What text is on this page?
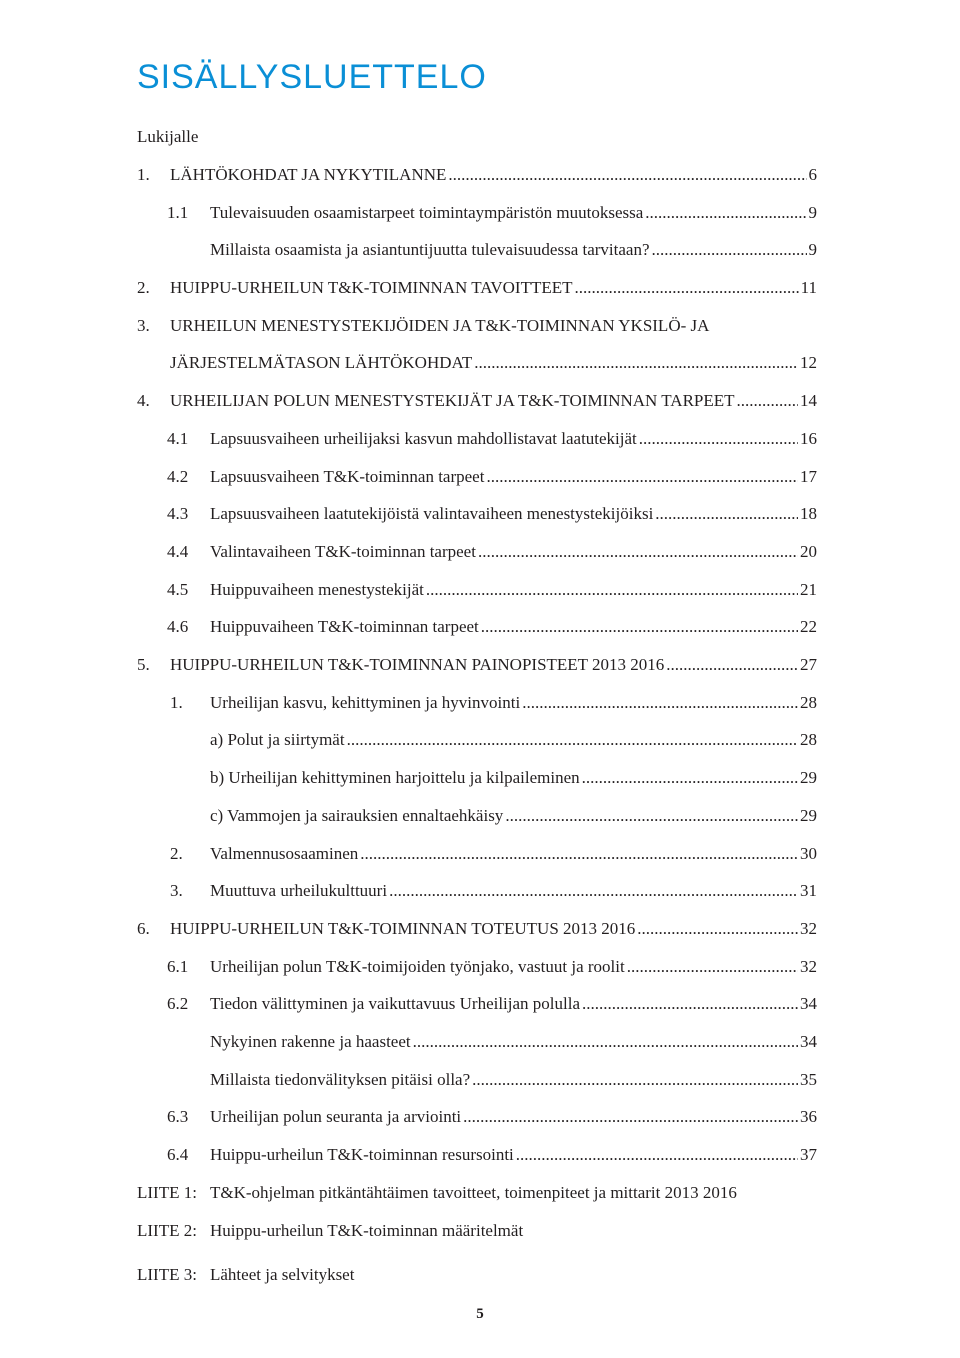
SISÄLLYSLUETTELO
Lukijalle
1.	LÄHTÖKOHDAT JA NYKYTILANNE .....	6
1.1	Tulevaisuuden osaamistarpeet toimintaympäristön muutoksessa .....	9
Millaista osaamista ja asiantuntijuutta tulevaisuudessa tarvitaan? .....	9
2.	HUIPPU-URHEILUN T&K-TOIMINNAN TAVOITTEET .....	11
3.	URHEILUN MENESTYSTEKIJÖIDEN JA T&K-TOIMINNAN YKSILÖ- JA
JÄRJESTELMÄTASON LÄHTÖKOHDAT .....	12
4.	URHEILIJAN POLUN MENESTYSTEKIJÄT JA T&K-TOIMINNAN TARPEET .....	14
4.1	Lapsuusvaiheen urheilijaksi kasvun mahdollistavat laatutekijät .....	16
4.2	Lapsuusvaiheen T&K-toiminnan tarpeet .....	17
4.3	Lapsuusvaiheen laatutekijöistä valintavaiheen menestystekijöiksi .....	18
4.4	Valintavaiheen T&K-toiminnan tarpeet .....	20
4.5	Huippuvaiheen menestystekijät .....	21
4.6	Huippuvaiheen T&K-toiminnan tarpeet .....	22
5.	HUIPPU-URHEILUN T&K-TOIMINNAN PAINOPISTEET 2013 2016 .....	27
1.	Urheilijan kasvu, kehittyminen ja hyvinvointi .....	28
a) Polut ja siirtymät .....	28
b) Urheilijan kehittyminen harjoittelu ja kilpaileminen .....	29
c) Vammojen ja sairauksien ennaltaehkäisy .....	29
2.	Valmennusosaaminen .....	30
3.	Muuttuva urheilukulttuuri .....	31
6.	HUIPPU-URHEILUN T&K-TOIMINNAN TOTEUTUS 2013 2016 .....	32
6.1	Urheilijan polun T&K-toimijoiden työnjako, vastuut ja roolit .....	32
6.2	Tiedon välittyminen ja vaikuttavuus Urheilijan polulla .....	34
Nykyinen rakenne ja haasteet .....	34
Millaista tiedonvälityksen pitäisi olla? .....	35
6.3	Urheilijan polun seuranta ja arviointi .....	36
6.4	Huippu-urheilun T&K-toiminnan resursointi .....	37
LIITE 1: T&K-ohjelman pitkäntähtäimen tavoitteet, toimenpiteet ja mittarit 2013 2016
LIITE 2: Huippu-urheilun T&K-toiminnan määritelmät
LIITE 3: Lähteet ja selvitykset
5
